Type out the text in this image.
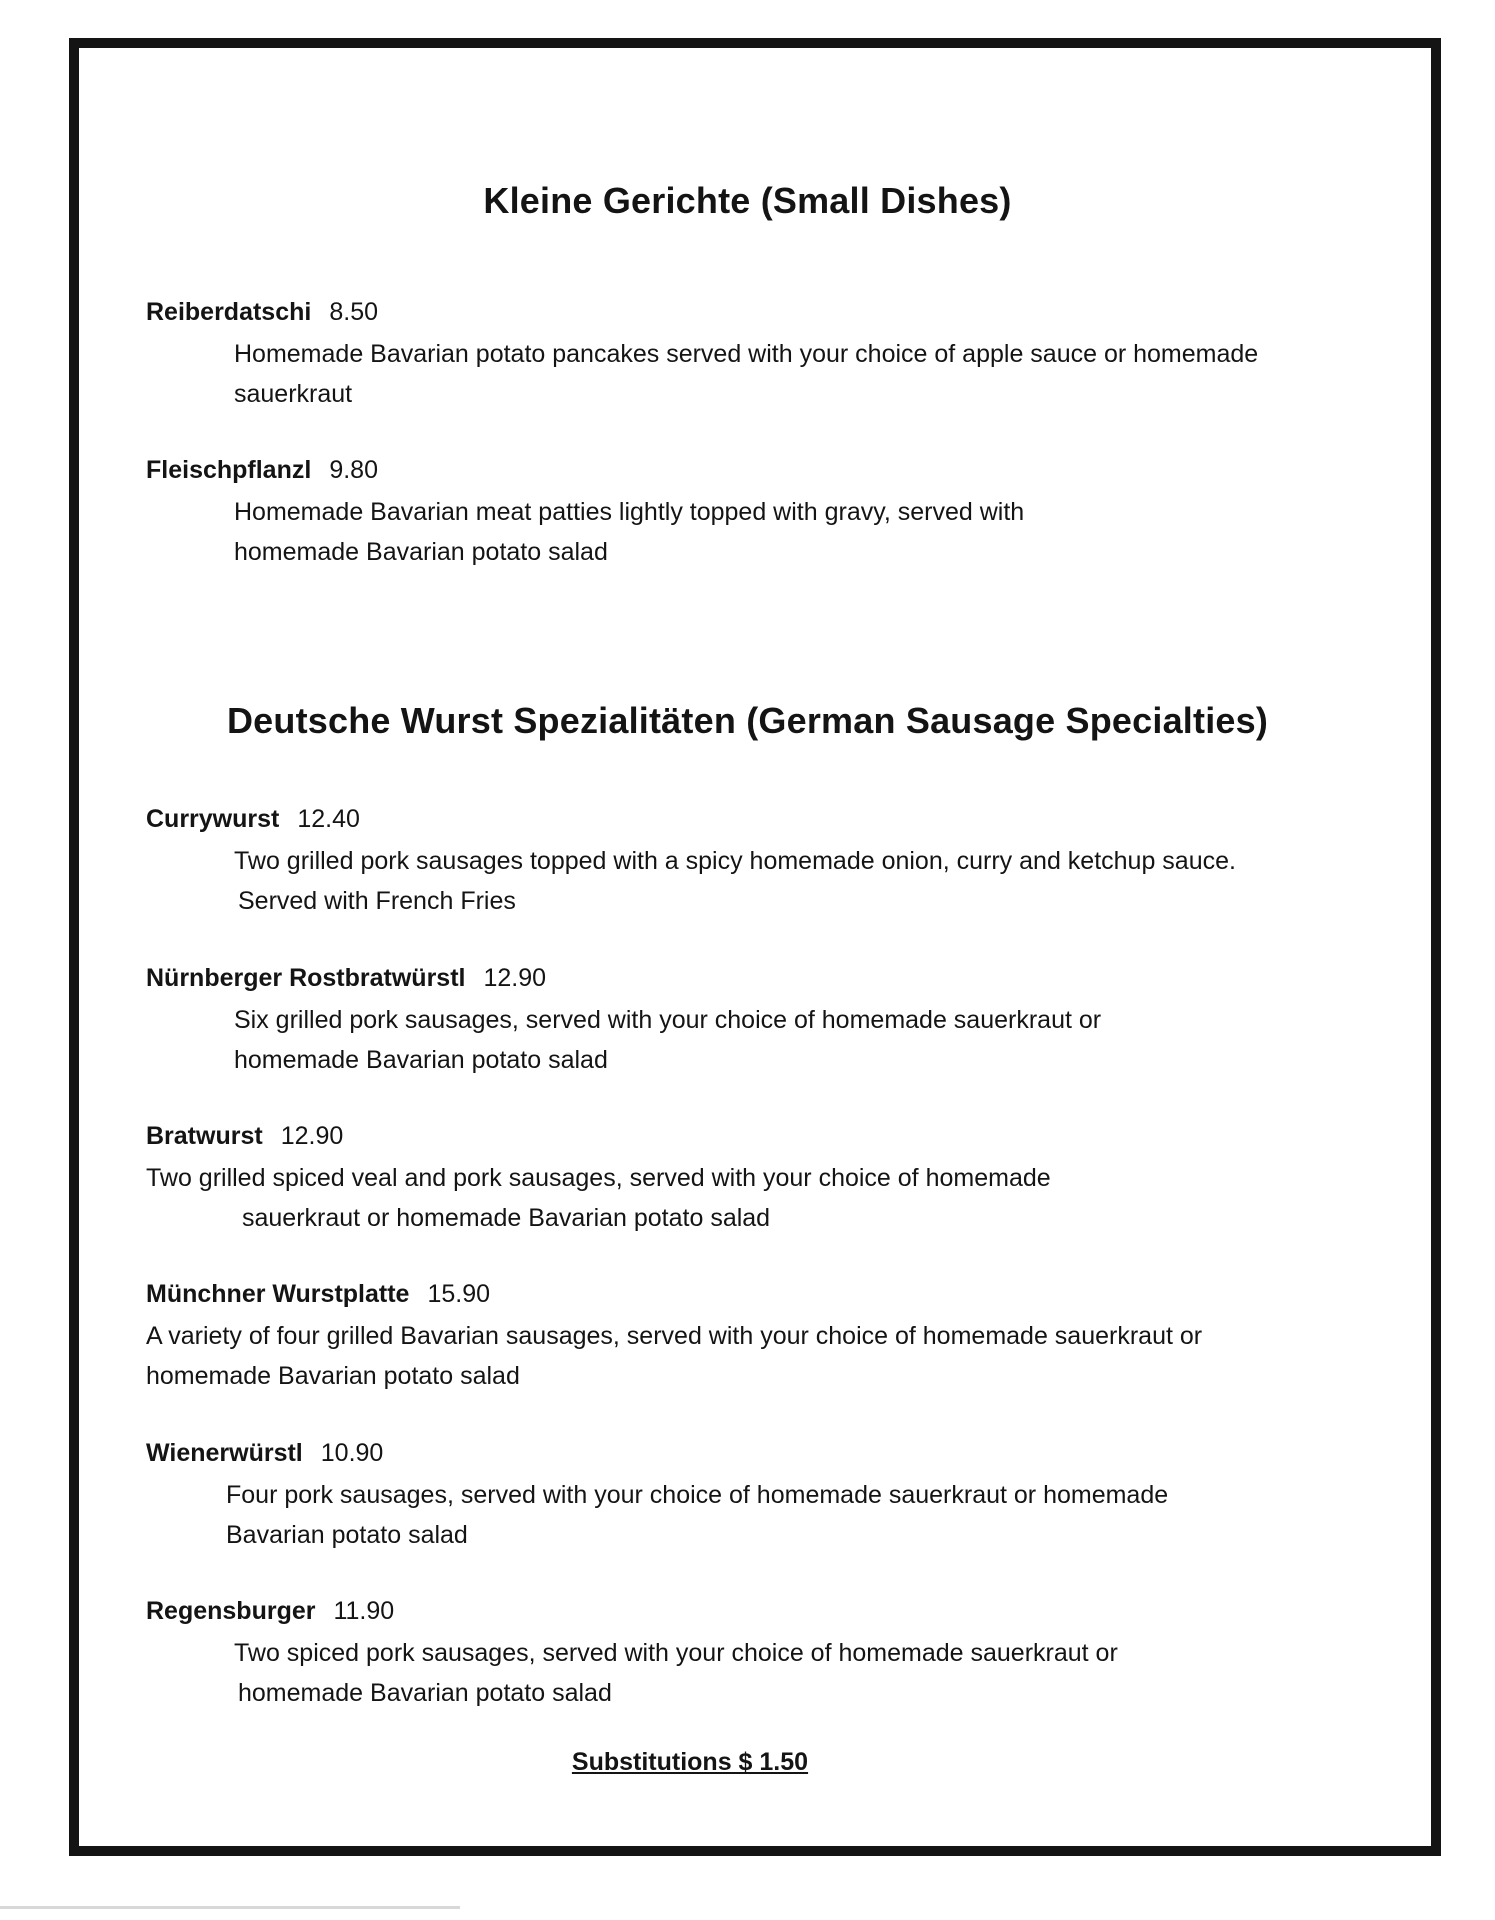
Kleine Gerichte (Small Dishes)
Reiberdatschi 8.50
Homemade Bavarian potato pancakes served with your choice of apple sauce or homemade
sauerkraut
Fleischpflanzl 9.80
Homemade Bavarian meat patties lightly topped with gravy, served with
homemade Bavarian potato salad
Deutsche Wurst Spezialitäten (German Sausage Specialties)
Currywurst 12.40
Two grilled pork sausages topped with a spicy homemade onion, curry and ketchup sauce.
Served with French Fries
Nürnberger Rostbratwürstl 12.90
Six grilled pork sausages, served with your choice of homemade sauerkraut or
homemade Bavarian potato salad
Bratwurst 12.90
Two grilled spiced veal and pork sausages, served with your choice of homemade
sauerkraut or homemade Bavarian potato salad
Münchner Wurstplatte 15.90
A variety of four grilled Bavarian sausages, served with your choice of homemade sauerkraut or
homemade Bavarian potato salad
Wienerwürstl 10.90
Four pork sausages, served with your choice of homemade sauerkraut or homemade
Bavarian potato salad
Regensburger 11.90
Two spiced pork sausages, served with your choice of homemade sauerkraut or
homemade Bavarian potato salad
Substitutions $ 1.50
